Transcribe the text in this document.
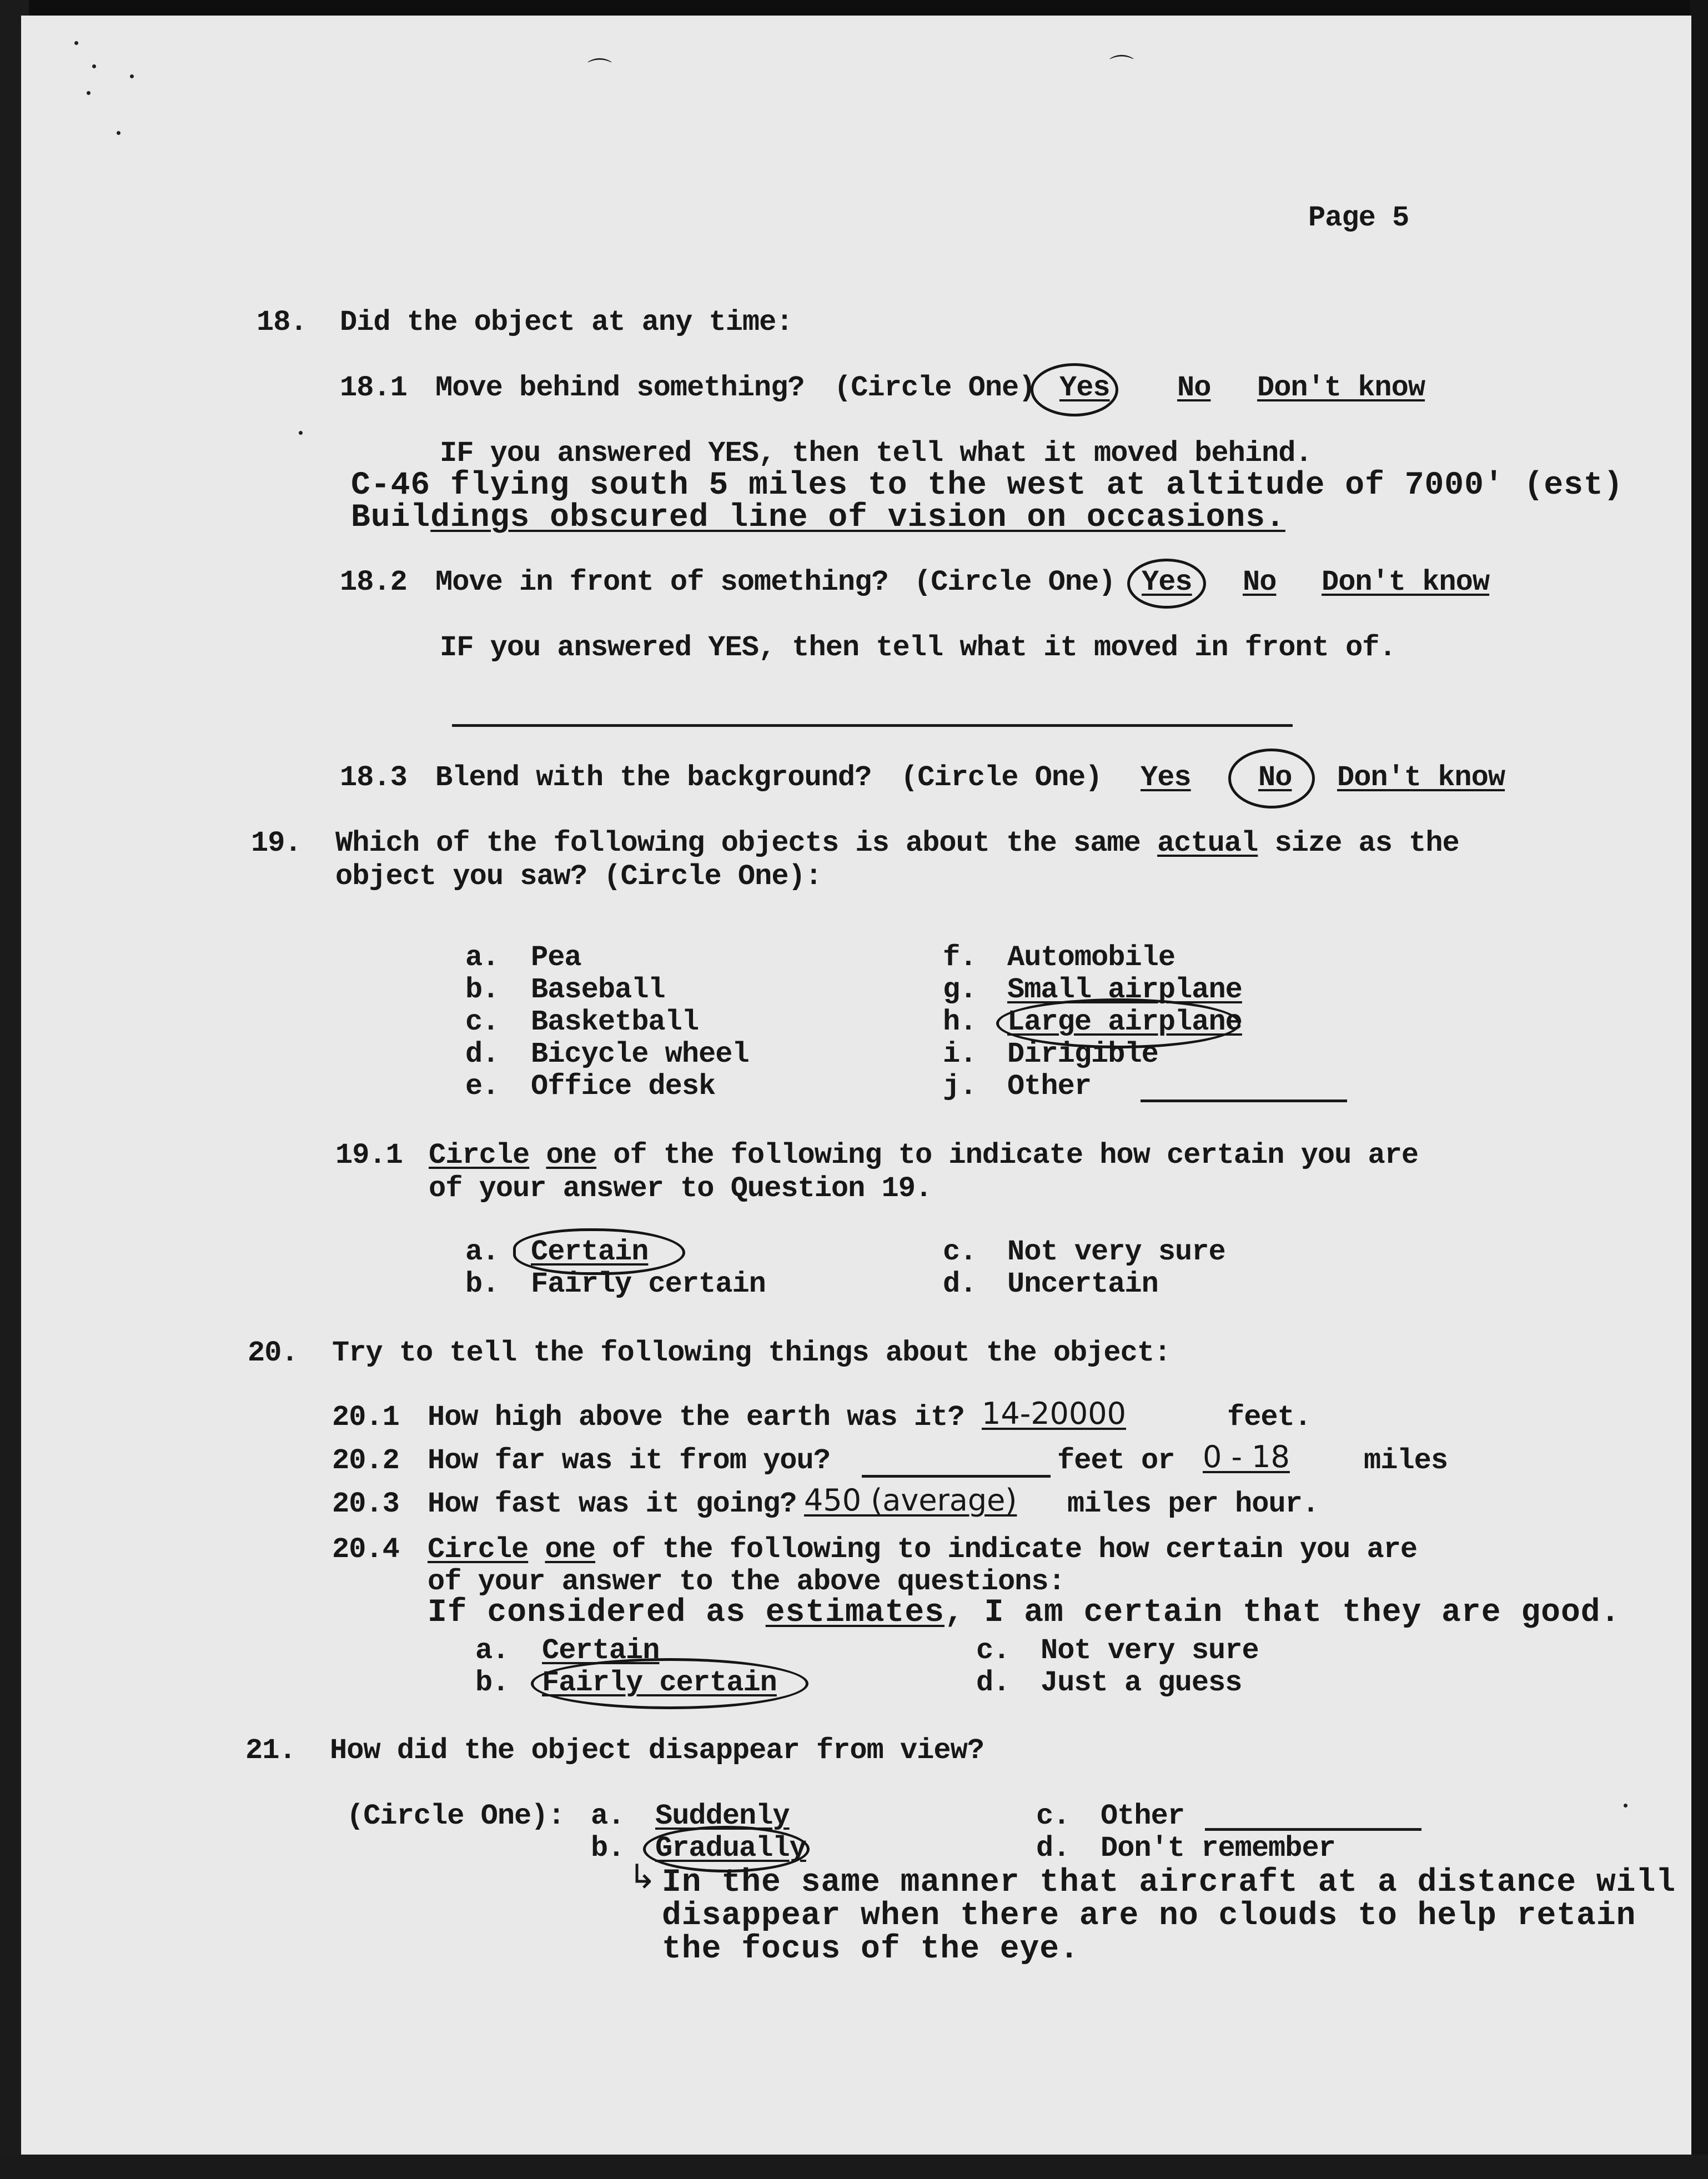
⌒	⌒
Page 5
18. Did the object at any time:
18.1 Move behind something? (Circle One) Yes No Don't know
IF you answered YES, then tell what it moved behind.
C-46 flying south 5 miles to the west at altitude of 7000' (est)
Buildings obscured line of vision on occasions.
18.2 Move in front of something? (Circle One) Yes No Don't know
IF you answered YES, then tell what it moved in front of.
18.3 Blend with the background? (Circle One) Yes No Don't know
19. Which of the following objects is about the same actual size as the
object you saw? (Circle One):
a. Pea
b. Baseball
c. Basketball
d. Bicycle wheel
e. Office desk
f. Automobile
g. Small airplane
h. Large airplane
i. Dirigible
j. Other
19.1 Circle one of the following to indicate how certain you are
of your answer to Question 19.
a. Certain
b. Fairly certain
c. Not very sure
d. Uncertain
20. Try to tell the following things about the object:
20.1 How high above the earth was it? 14-20000	feet.
20.2 How far was it from you?	feet or 0 - 18	miles
20.3 How fast was it going? 450 (average) miles per hour.
20.4 Circle one of the following to indicate how certain you are
of your answer to the above questions:
If considered as estimates, I am certain that they are good.
a. Certain
b. Fairly certain
c. Not very sure
d. Just a guess
21. How did the object disappear from view?
(Circle One): a. Suddenly
b. Gradually
c. Other
d. Don't remember
↳ In the same manner that aircraft at a distance will
disappear when there are no clouds to help retain
the focus of the eye.
